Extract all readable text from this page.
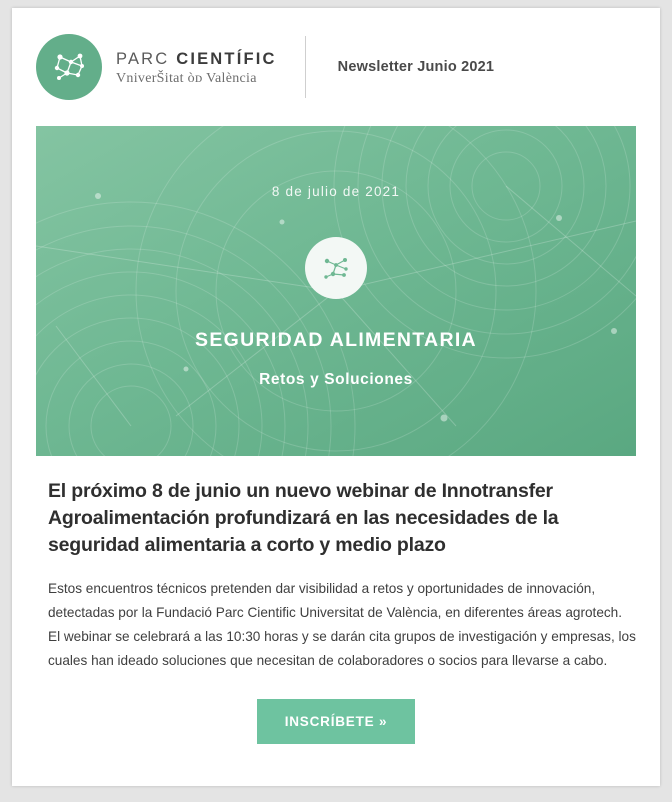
PARC CIENTÍFIC
VniverŠitat òᴅ València
Newsletter Junio 2021
8 de julio de 2021
SEGURIDAD ALIMENTARIA
Retos y Soluciones
El próximo 8 de junio un nuevo webinar de Innotransfer Agroalimentación profundizará en las necesidades de la seguridad alimentaria a corto y medio plazo
Estos encuentros técnicos pretenden dar visibilidad a retos y oportunidades de innovación, detectadas por la Fundació Parc Cientific Universitat de València, en diferentes áreas agrotech. El webinar se celebrará a las 10:30 horas y se darán cita grupos de investigación y empresas, los cuales han ideado soluciones que necesitan de colaboradores o socios para llevarse a cabo.
INSCRÍBETE »
